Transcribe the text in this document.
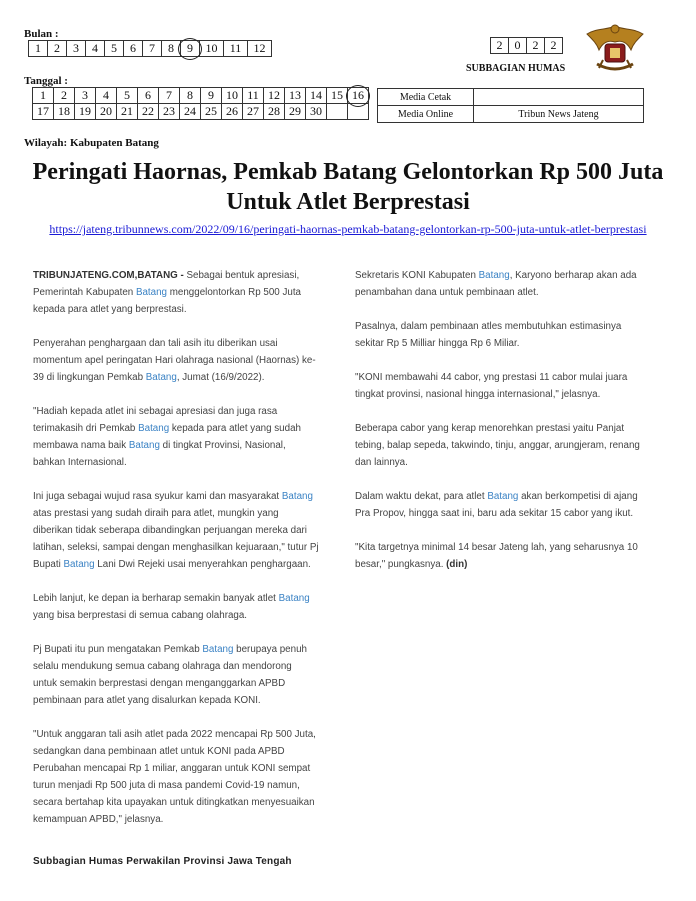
Bulan :
1	2	3	4	5	6	7	8	9	10	11	12	2	0	2	2
SUBBAGIAN HUMAS
Tanggal :
1	2	3	4	5	6	7	8	9	10	11	12	13	14	15	16
17	18	19	20	21	22	23	24	25	26	27	28	29	30		
Media Cetak	
Media Online	Tribun News Jateng
Wilayah: Kabupaten Batang
Peringati Haornas, Pemkab Batang Gelontorkan Rp 500 Juta Untuk Atlet Berprestasi
https://jateng.tribunnews.com/2022/09/16/peringati-haornas-pemkab-batang-gelontorkan-rp-500-juta-untuk-atlet-berprestasi

TRIBUNJATENG.COM,BATANG - Sebagai bentuk apresiasi,
Pemerintah Kabupaten Batang menggelontorkan Rp 500 Juta
kepada para atlet yang berprestasi.

Penyerahan penghargaan dan tali asih itu diberikan usai
momentum apel peringatan Hari olahraga nasional (Haornas) ke-
39 di lingkungan Pemkab Batang, Jumat (16/9/2022).

"Hadiah kepada atlet ini sebagai apresiasi dan juga rasa
terimakasih dri Pemkab Batang kepada para atlet yang sudah
membawa nama baik Batang di tingkat Provinsi, Nasional,
bahkan Internasional.

Ini juga sebagai wujud rasa syukur kami dan masyarakat Batang
atas prestasi yang sudah diraih para atlet, mungkin yang
diberikan tidak seberapa dibandingkan perjuangan mereka dari
latihan, seleksi, sampai dengan menghasilkan kejuaraan," tutur Pj
Bupati Batang Lani Dwi Rejeki usai menyerahkan penghargaan.

Lebih lanjut, ke depan ia berharap semakin banyak atlet Batang
yang bisa berprestasi di semua cabang olahraga.

Pj Bupati itu pun mengatakan Pemkab Batang berupaya penuh
selalu mendukung semua cabang olahraga dan mendorong
untuk semakin berprestasi dengan menganggarkan APBD
pembinaan para atlet yang disalurkan kepada KONI.

"Untuk anggaran tali asih atlet pada 2022 mencapai Rp 500 Juta,
sedangkan dana pembinaan atlet untuk KONI pada APBD
Perubahan mencapai Rp 1 miliar, anggaran untuk KONI sempat
turun menjadi Rp 500 juta di masa pandemi Covid-19 namun,
secara bertahap kita upayakan untuk ditingkatkan menyesuaikan
kemampuan APBD," jelasnya.

Sekretaris KONI Kabupaten Batang, Karyono berharap akan ada
penambahan dana untuk pembinaan atlet.

Pasalnya, dalam pembinaan atles membutuhkan estimasinya
sekitar Rp 5 Milliar hingga Rp 6 Miliar.

"KONI membawahi 44 cabor, yng prestasi 11 cabor mulai juara
tingkat provinsi, nasional hingga internasional," jelasnya.

Beberapa cabor yang kerap menorehkan prestasi yaitu Panjat
tebing, balap sepeda, takwindo, tinju, anggar, arungjeram, renang
dan lainnya.

Dalam waktu dekat, para atlet Batang akan berkompetisi di ajang
Pra Propov, hingga saat ini, baru ada sekitar 15 cabor yang ikut.

"Kita targetnya minimal 14 besar Jateng lah, yang seharusnya 10
besar," pungkasnya. (din)

Subbagian Humas Perwakilan Provinsi Jawa Tengah
